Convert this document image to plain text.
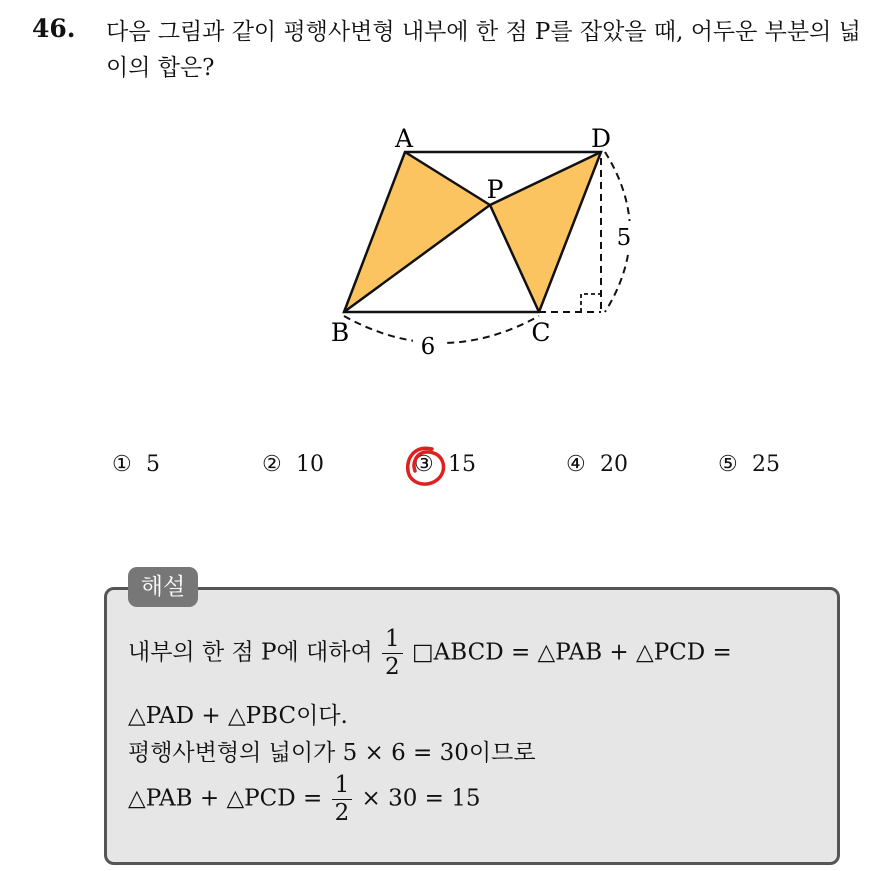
46. 다음 그림과 같이 평행사변형 내부에 한 점 P를 잡았을 때, 어두운 부분의 넓이의 합은?
A	D
P
B	C
5
6
① 5	② 10	③ 15	④ 20	⑤ 25
해설
내부의 한 점 P에 대하여 $\frac{1}{2}$ □ABCD = △PAB + △PCD =
△PAD + △PBC이다.
평행사변형의 넓이가 5 × 6 = 30이므로
△PAB + △PCD = $\frac{1}{2} \times 30 = 15$
